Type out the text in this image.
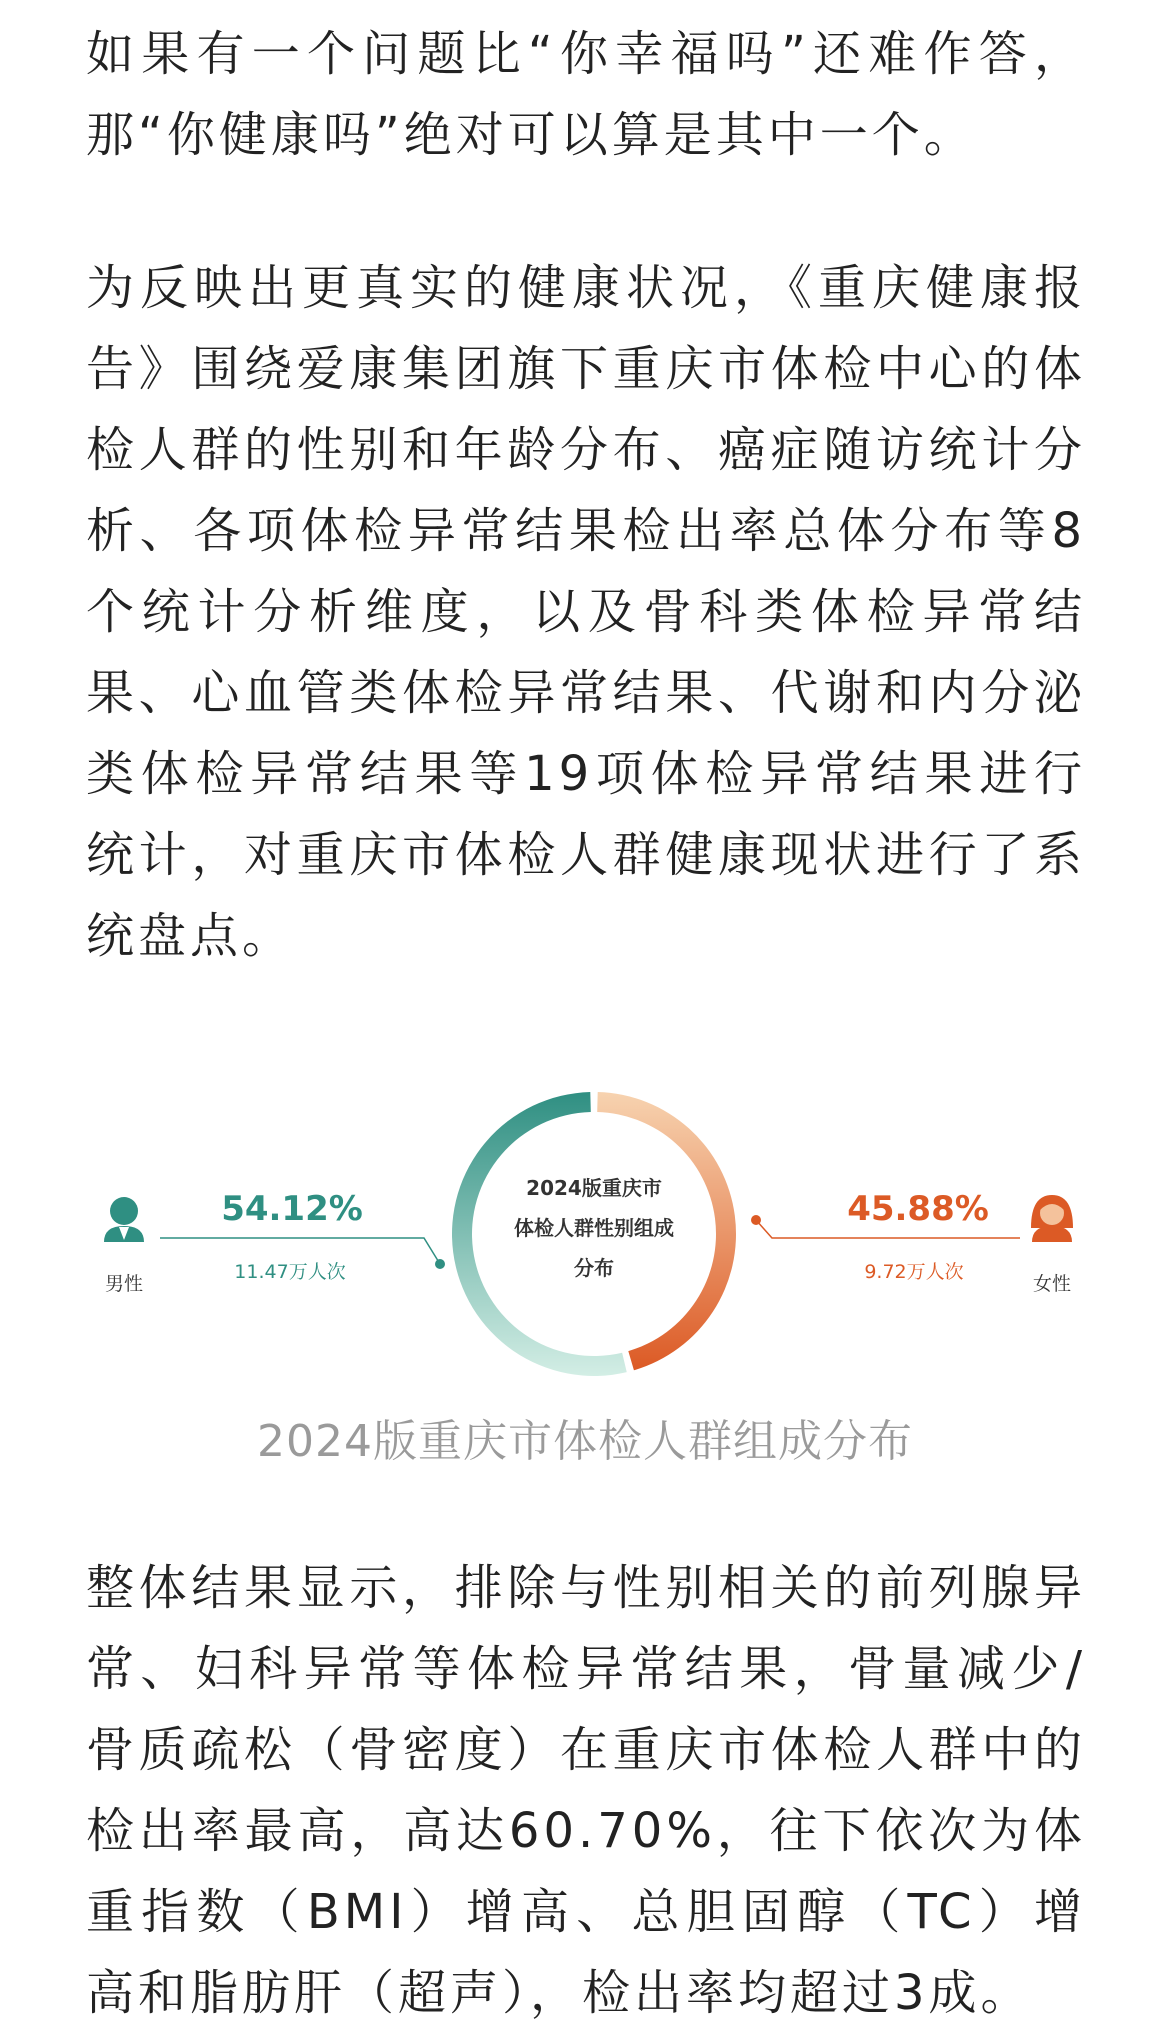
如果有一个问题比“你幸福吗”还难作答，那“你健康吗”绝对可以算是其中一个。

为反映出更真实的健康状况，《重庆健康报告》围绕爱康集团旗下重庆市体检中心的体检人群的性别和年龄分布、癌症随访统计分析、各项体检异常结果检出率总体分布等8个统计分析维度，以及骨科类体检异常结果、心血管类体检异常结果、代谢和内分泌类体检异常结果等19项体检异常结果进行统计，对重庆市体检人群健康现状进行了系统盘点。

2024版重庆市
体检人群性别组成
分布
男性
54.12%
11.47万人次
女性
45.88%
9.72万人次
2024版重庆市体检人群组成分布

整体结果显示，排除与性别相关的前列腺异常、妇科异常等体检异常结果，骨量减少/骨质疏松（骨密度）在重庆市体检人群中的检出率最高，高达60.70%，往下依次为体重指数（BMI）增高、总胆固醇（TC）增高和脂肪肝（超声），检出率均超过3成。
